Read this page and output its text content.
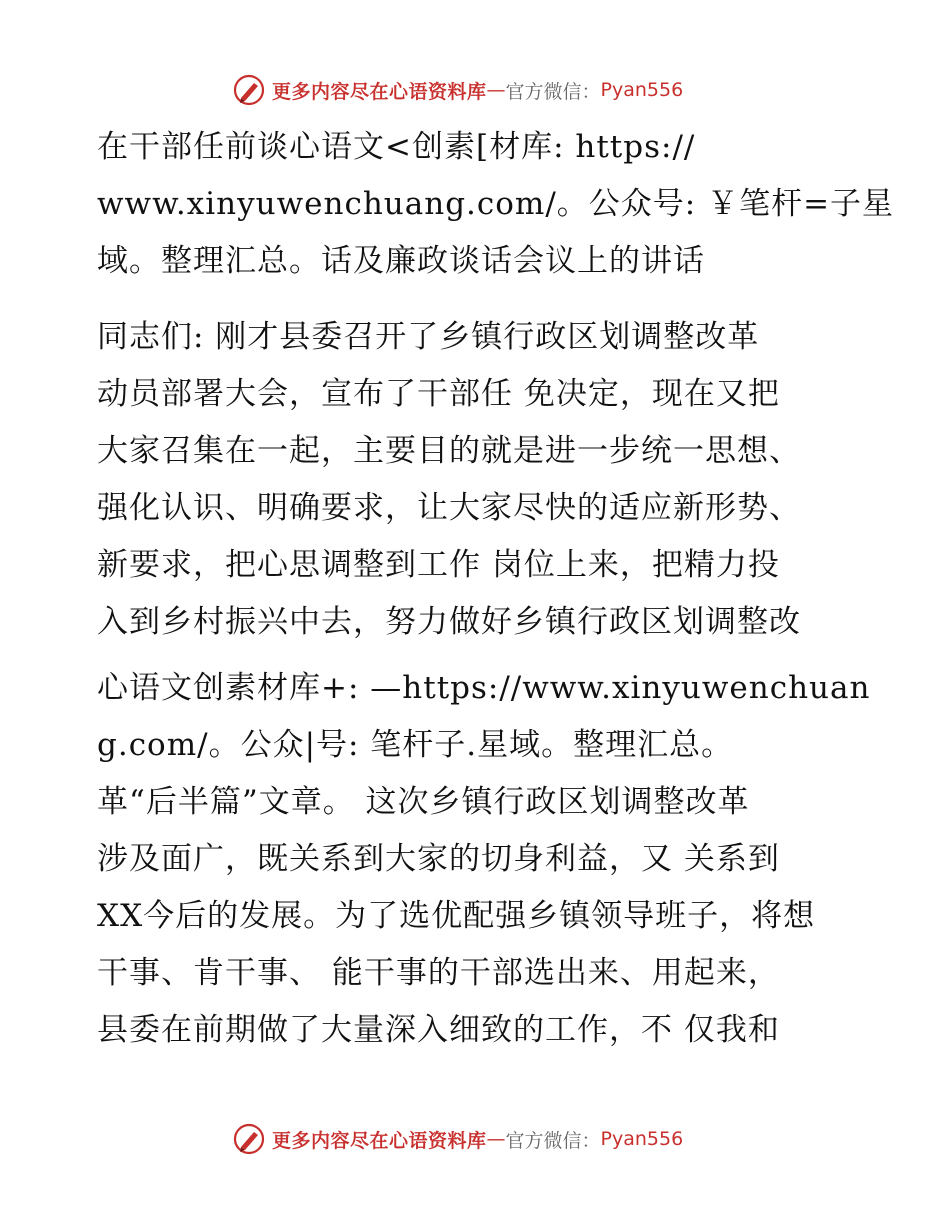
更多内容尽在心语资料库 — 官方微信： Pyan556
在干部任前谈心语文<创素[材库: https://
www.xinyuwenchuang.com/。公众号: ￥笔杆=子星
域。整理汇总。话及廉政谈话会议上的讲话
同志们: 刚才县委召开了乡镇行政区划调整改革
动员部署大会，宣布了干部任 免决定，现在又把
大家召集在一起，主要目的就是进一步统一思想、
强化认识、明确要求，让大家尽快的适应新形势、
新要求，把心思调整到工作 岗位上来，把精力投
入到乡村振兴中去，努力做好乡镇行政区划调整改
心语文创素材库+: —https://www.xinyuwenchuan
g.com/。公众|号: 笔杆子.星域。整理汇总。
革“后半篇”文章。 这次乡镇行政区划调整改革
涉及面广，既关系到大家的切身利益，又 关系到
XX今后的发展。为了选优配强乡镇领导班子，将想
干事、肯干事、 能干事的干部选出来、用起来，
县委在前期做了大量深入细致的工作，不 仅我和
更多内容尽在心语资料库 — 官方微信： Pyan556
